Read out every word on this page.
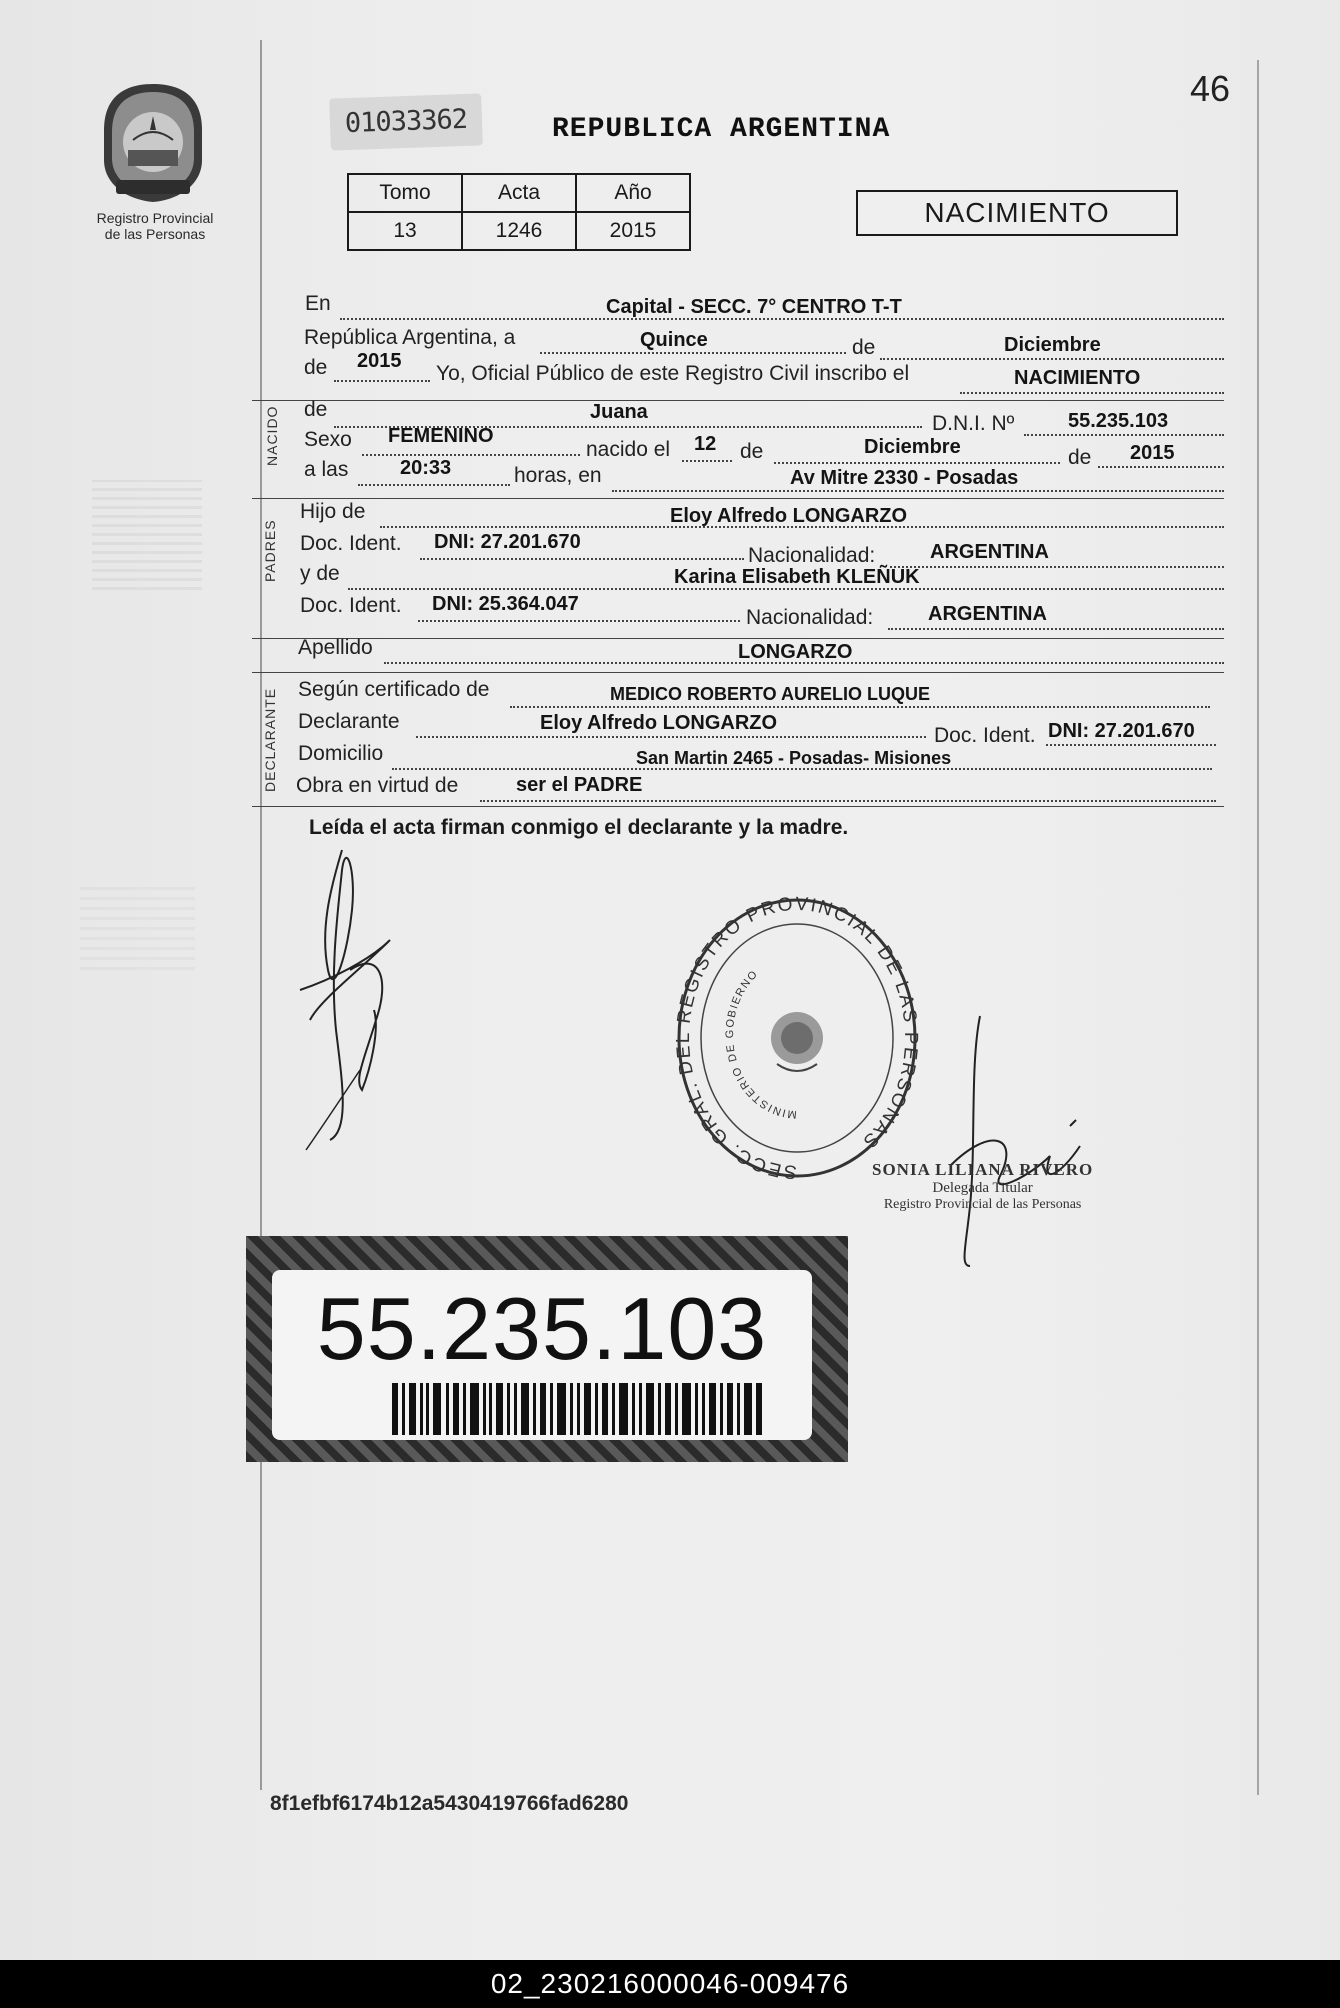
Registro Provincial
de las Personas
46
01033362	REPUBLICA ARGENTINA
Tomo	Acta	Año
13	1246	2015
NACIMIENTO
En	Capital - SECC. 7° CENTRO T-T
República Argentina, a	Quince	de	Diciembre
de 2015
Yo, Oficial Público de este Registro Civil inscribo el	NACIMIENTO
NACIDO de	Juana	D.N.I. Nº	55.235.103
Sexo FEMENINO
nacido el 12 de	Diciembre	de 2015
a las	20:33	horas, en	Av Mitre 2330 - Posadas
PADRES
Hijo de	Eloy Alfredo LONGARZO
Doc. Ident. DNI: 27.201.670
Nacionalidad:	ARGENTINA
y de	Karina Elisabeth KLEÑUK
Doc. Ident. DNI: 25.364.047
Nacionalidad:	ARGENTINA
Apellido	LONGARZO
DECLARANTE Según certificado de	MEDICO ROBERTO AURELIO LUQUE
Declarante	Eloy Alfredo LONGARZO
Doc. Ident. DNI: 27.201.670
Domicilio	San Martin 2465 - Posadas- Misiones
Obra en virtud de	ser el PADRE
Leída el acta firman conmigo el declarante y la madre.
SECC. GRAL. DEL REGISTRO PROVINCIAL DE LAS PERSONAS
MINISTERIO DE GOBIERNO
SONIA LILIANA RIVERO
Delegada Titular
Registro Provincial de las Personas
55.235.103
8f1efbf6174b12a5430419766fad6280
02_230216000046-009476
